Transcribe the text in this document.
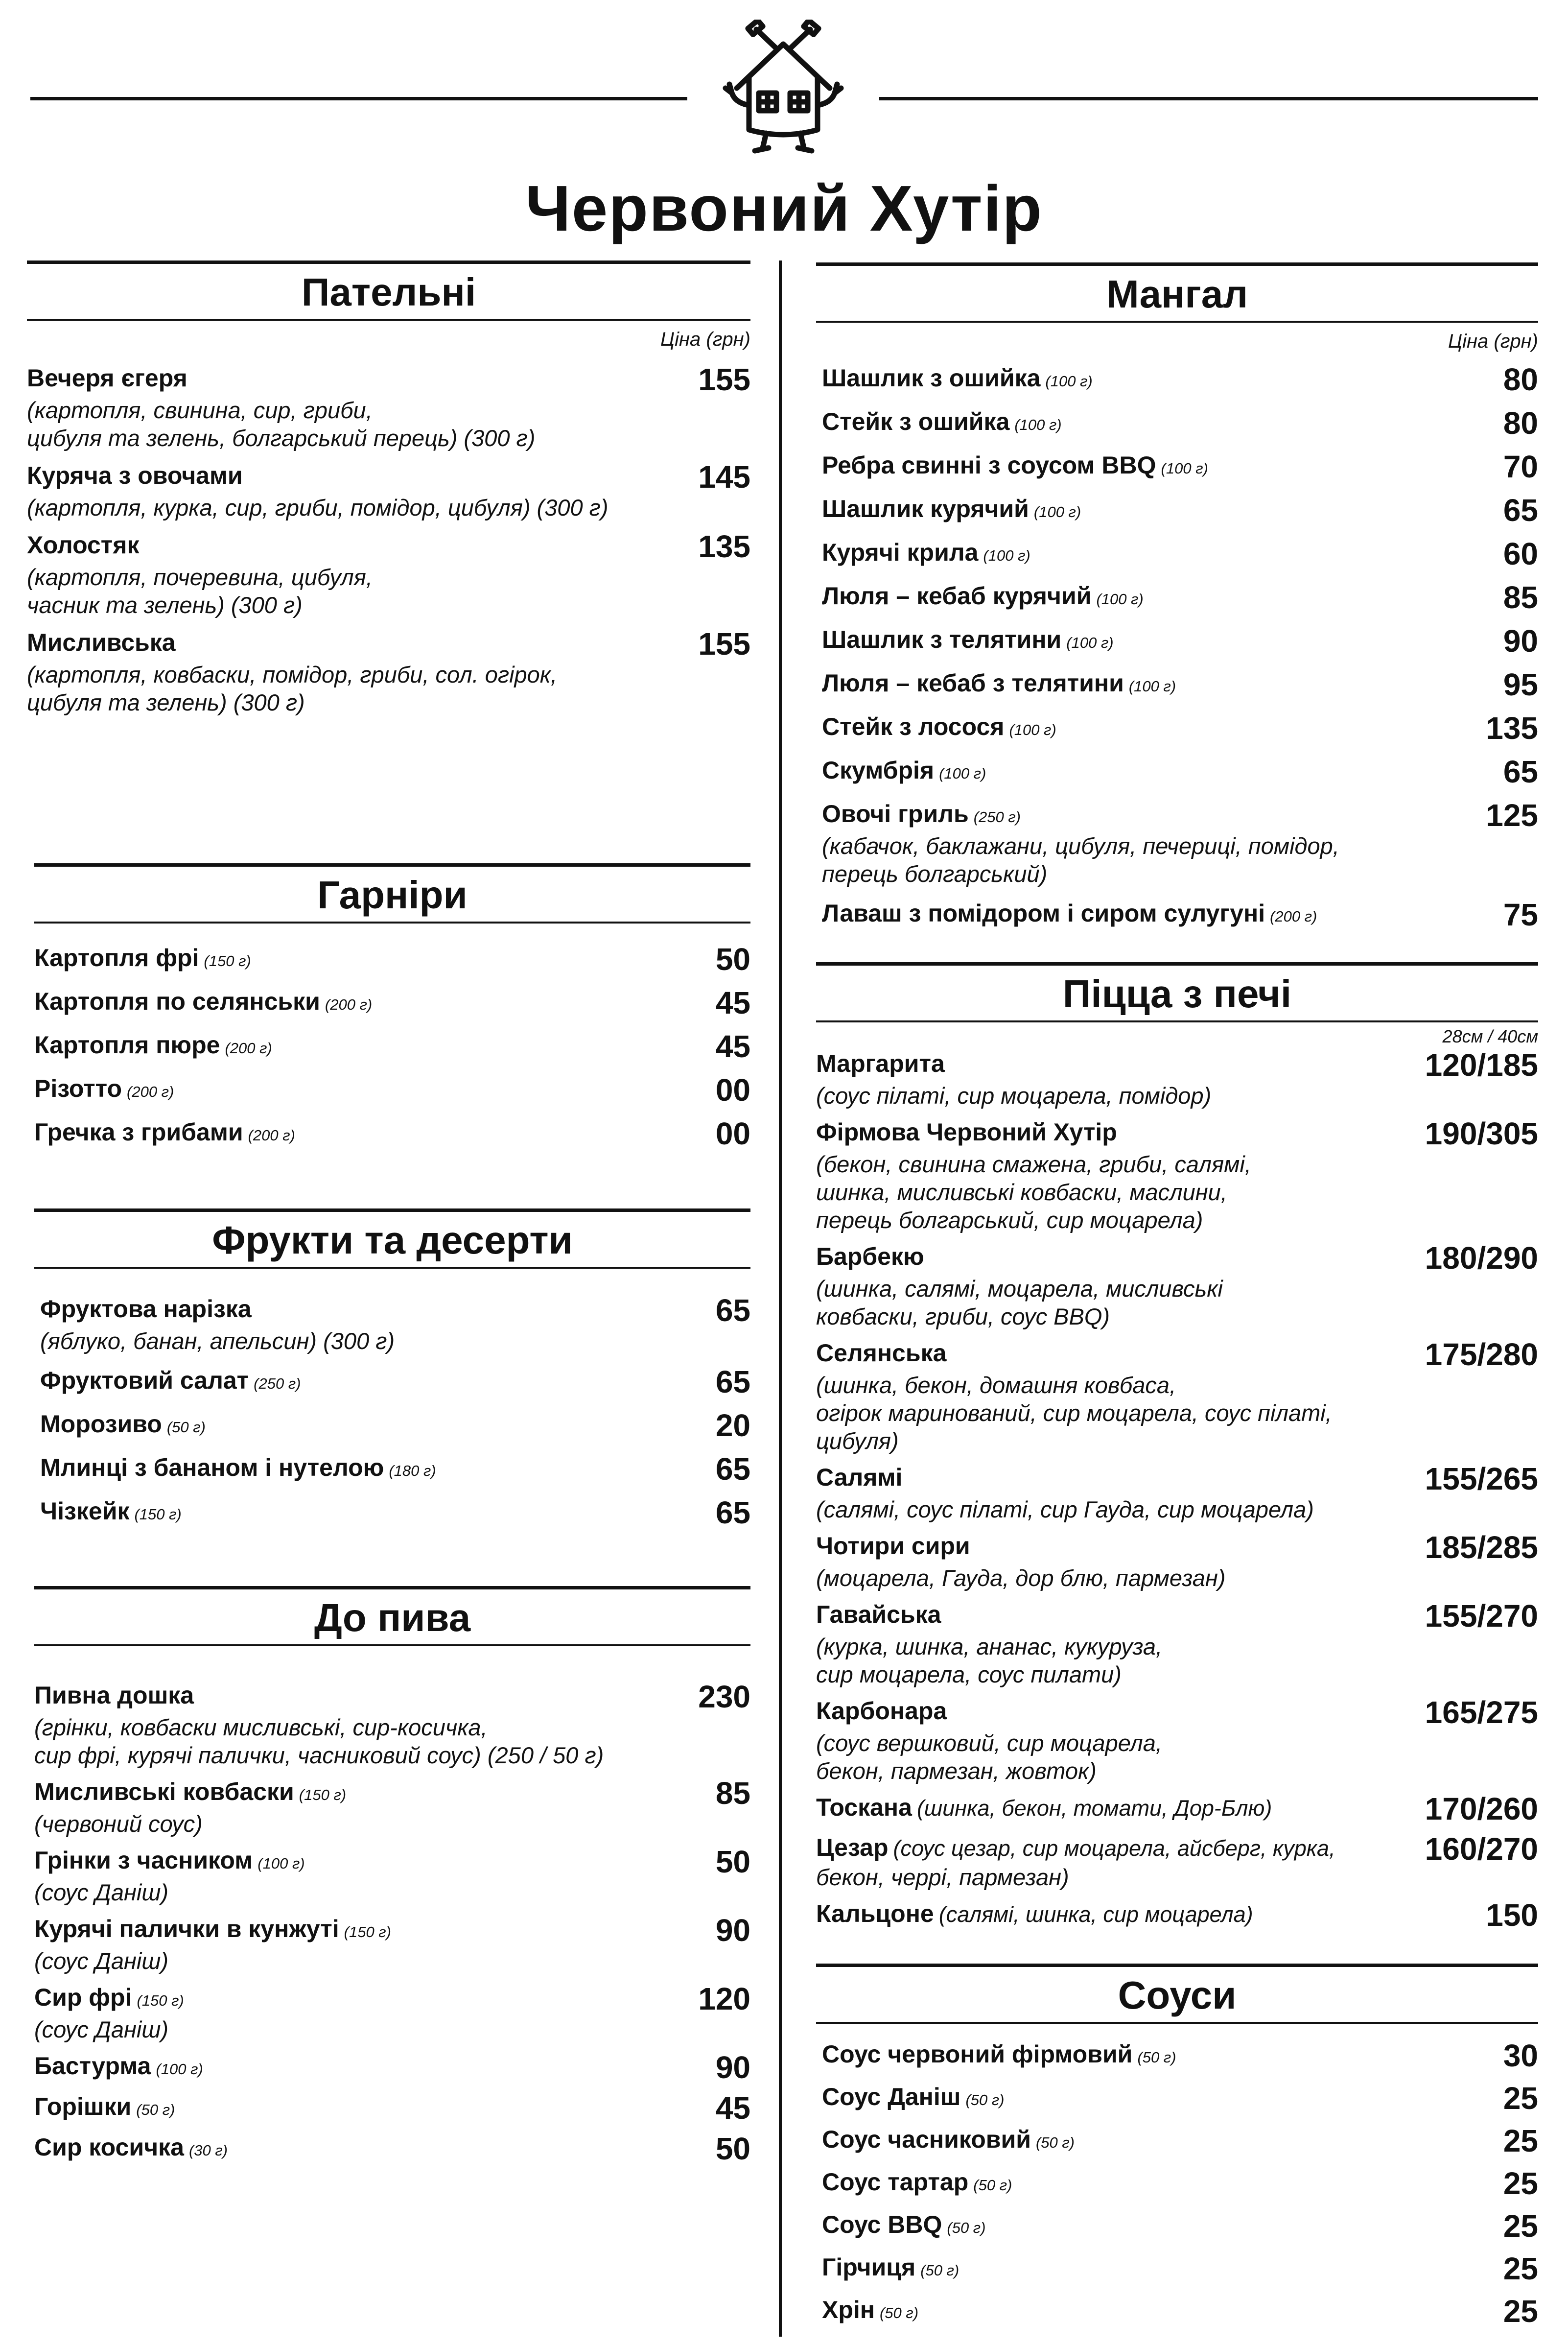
Червоний Хутір
Пательні
Ціна (грн)
Вечеря єгеря
(картопля, свинина, сир, гриби,
цибуля та зелень, болгарський перець) (300 г)
155
Куряча з овочами
(картопля, курка, сир, гриби, помідор, цибуля) (300 г)
145
Холостяк
(картопля, почеревина, цибуля,
часник та зелень) (300 г)
135
Мисливська
(картопля, ковбаски, помідор, гриби, сол. огірок,
цибуля та зелень) (300 г)
155
Гарніри
Картопля фрі (150 г)	50
Картопля по селянськи (200 г)	45
Картопля пюре (200 г)	45
Різотто (200 г)	00
Гречка з грибами (200 г)	00
Фрукти та десерти
Фруктова нарізка
(яблуко, банан, апельсин) (300 г)
65
Фруктовий салат (250 г)	65
Морозиво (50 г)	20
Млинці з бананом і нутелою (180 г)	65
Чізкейк (150 г)	65
До пива
Пивна дошка
(грінки, ковбаски мисливські, сир-косичка,
сир фрі, курячі палички, часниковий соус) (250 / 50 г)
230
Мисливські ковбаски (150 г)
(червоний соус)
85
Грінки з часником (100 г)
(соус Даніш)
50
Курячі палички в кунжуті (150 г)
(соус Даніш)
90
Сир фрі (150 г)
(соус Даніш)
120
Бастурма (100 г)	90
Горішки (50 г)	45
Сир косичка (30 г)	50
Мангал
Ціна (грн)
Шашлик з ошийка (100 г)	80
Стейк з ошийка (100 г)	80
Ребра свинні з соусом BBQ (100 г)	70
Шашлик курячий (100 г)	65
Курячі крила (100 г)	60
Люля – кебаб курячий (100 г)	85
Шашлик з телятини (100 г)	90
Люля – кебаб з телятини (100 г)	95
Стейк з лосося (100 г)	135
Скумбрія (100 г)	65
Овочі гриль (250 г)
(кабачок, баклажани, цибуля, печериці, помідор,
перець болгарський)
125
Лаваш з помідором і сиром сулугуні (200 г)	75
Піцца з печі
28см / 40см
Маргарита
(соус пілаті, сир моцарела, помідор)
120/185
Фірмова Червоний Хутір
(бекон, свинина смажена, гриби, салямі,
шинка, мисливські ковбаски, маслини,
перець болгарський, сир моцарела)
190/305
Барбекю
(шинка, салямі, моцарела, мисливські
ковбаски, гриби, соус BBQ)
180/290
Селянська
(шинка, бекон, домашня ковбаса,
огірок маринований, сир моцарела, соус пілаті, цибуля)
175/280
Салямі
(салямі, соус пілаті, сир Гауда, сир моцарела)
155/265
Чотири сири
(моцарела, Гауда, дор блю, пармезан)
185/285
Гавайська
(курка, шинка, ананас, кукуруза,
сир моцарела, соус пилати)
155/270
Карбонара
(соус вершковий, сир моцарела,
бекон, пармезан, жовток)
165/275
Тоскана (шинка, бекон, томати, Дор-Блю)	170/260
Цезар (соус цезар, сир моцарела, айсберг, курка,
бекон, черрі, пармезан)
160/270
Кальцоне (салямі, шинка, сир моцарела)	150
Соуси
Соус червоний фірмовий (50 г)	30
Соус Даніш (50 г)	25
Соус часниковий (50 г)	25
Соус тартар (50 г)	25
Соус BBQ (50 г)	25
Гірчиця (50 г)	25
Хрін (50 г)	25
